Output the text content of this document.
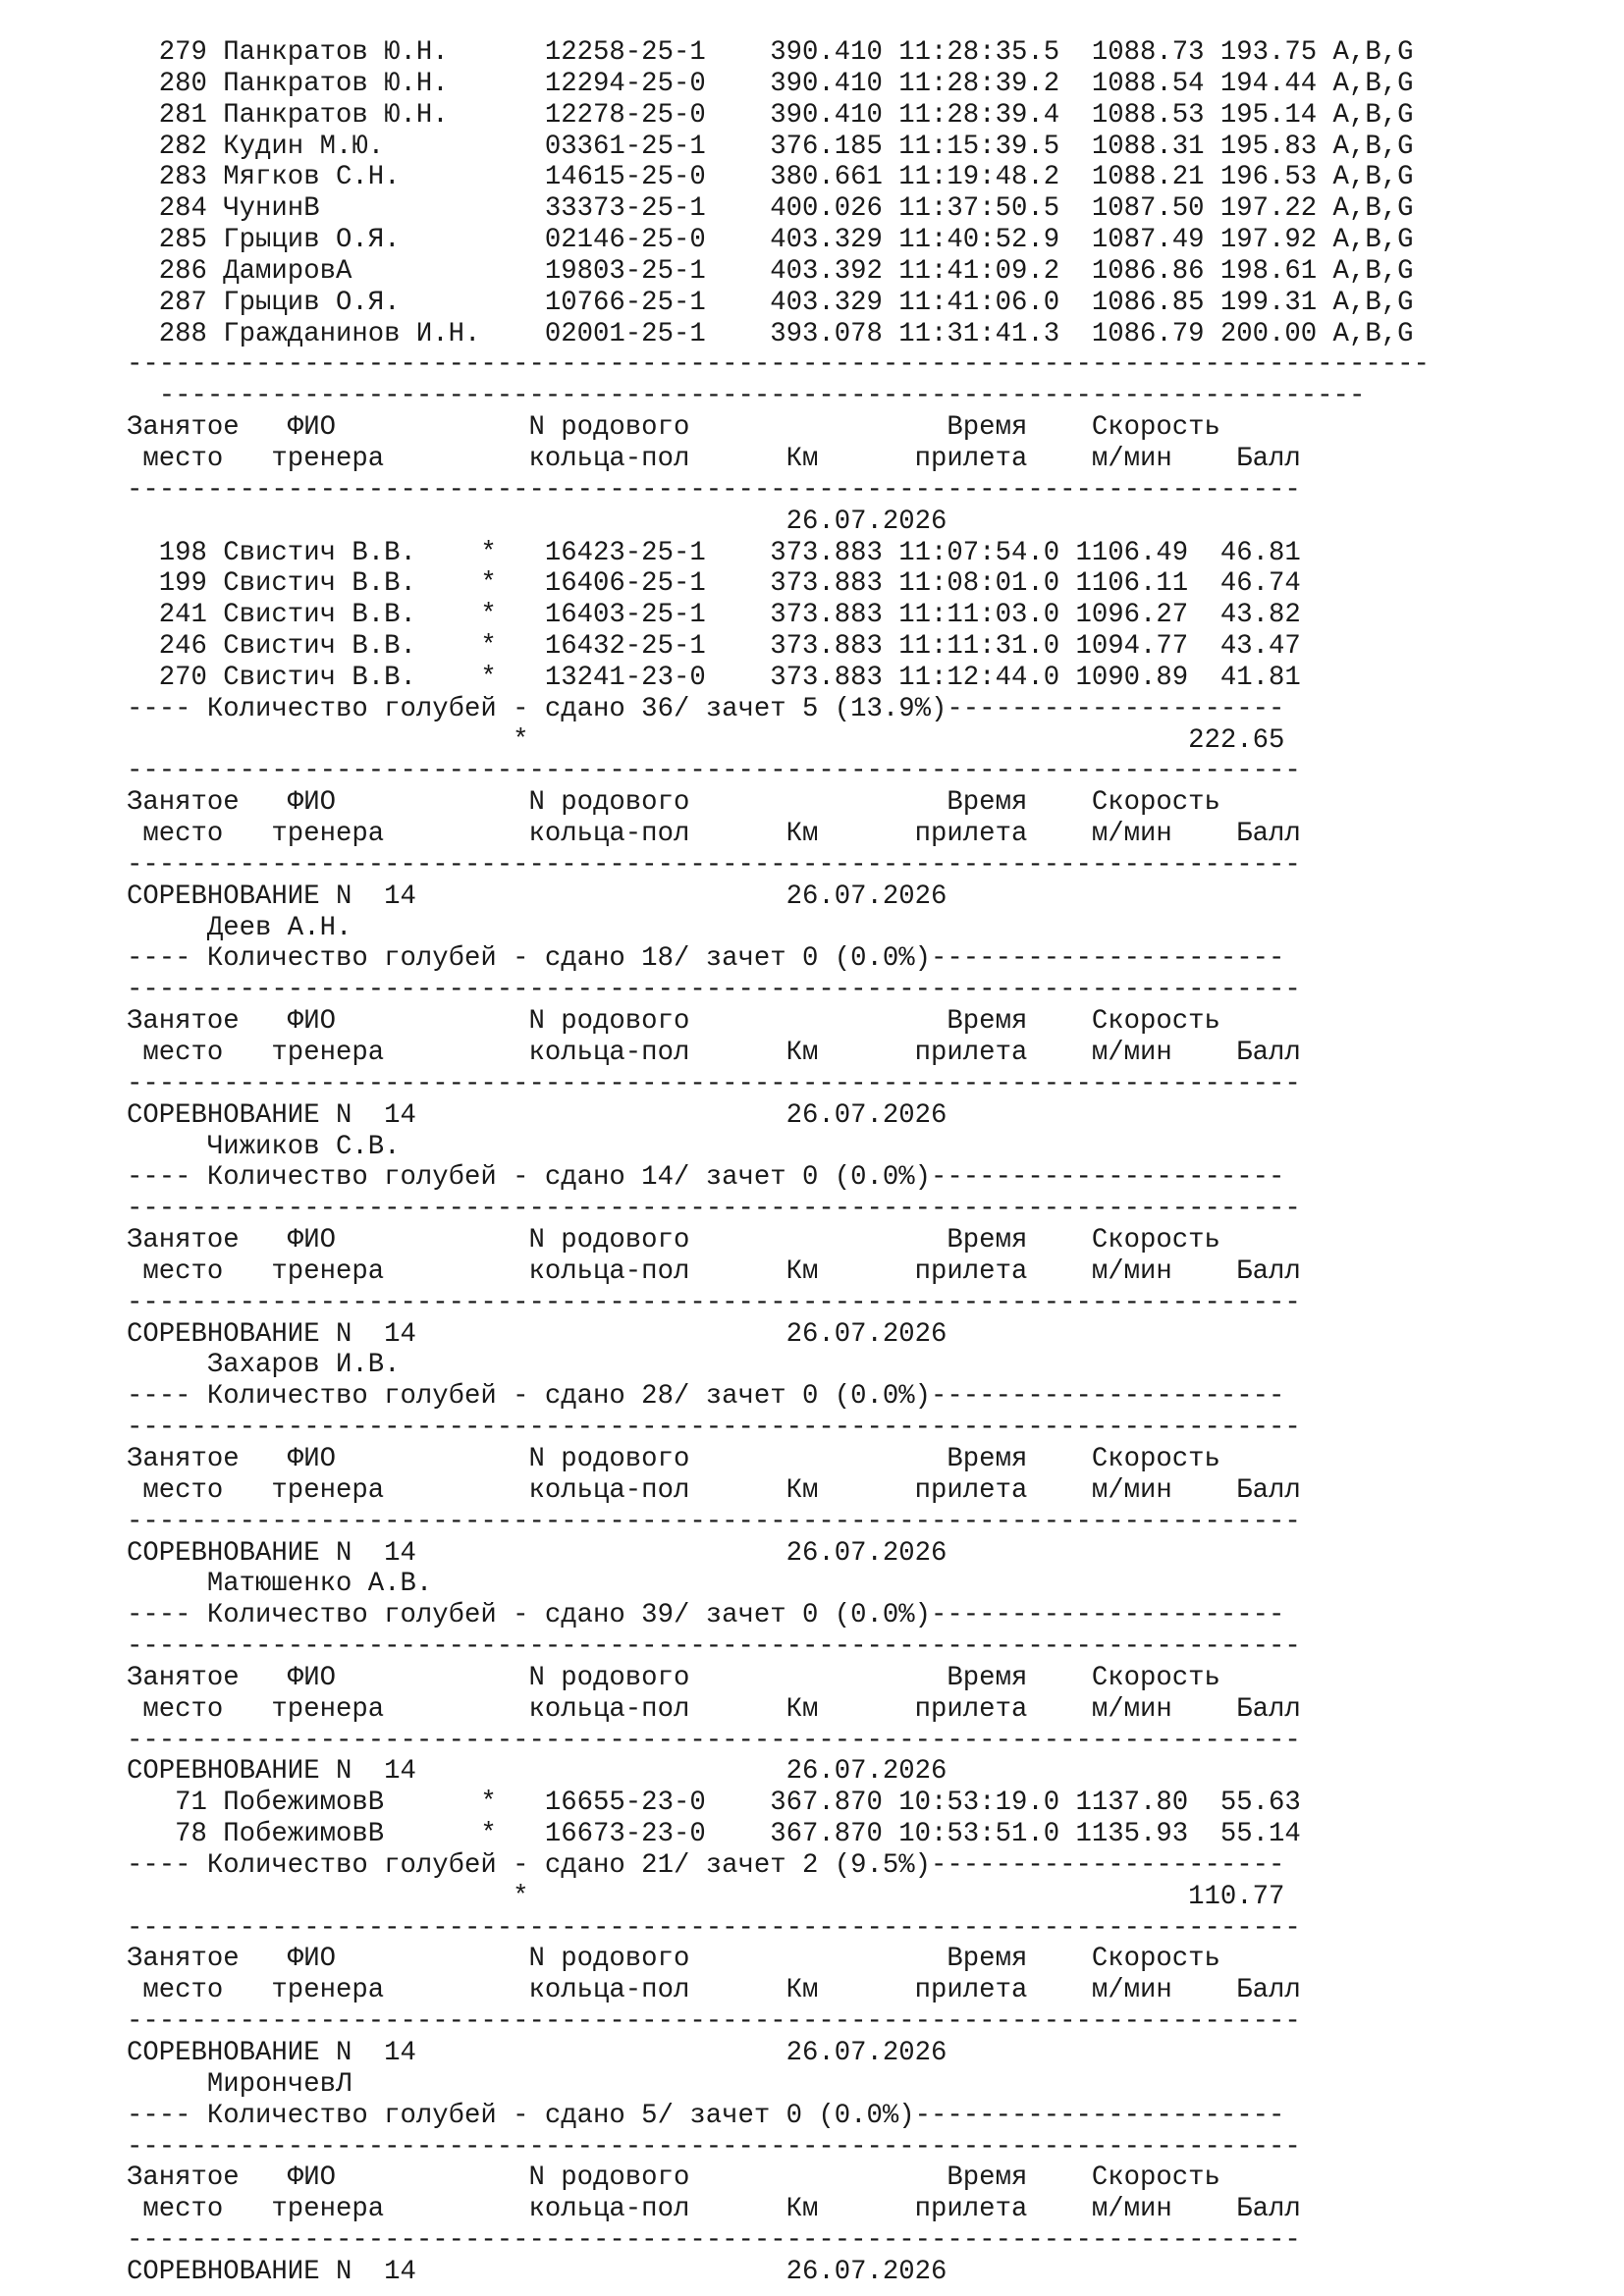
279 Панкратов Ю.Н.      12258-25-1    390.410 11:28:35.5  1088.73 193.75 A,B,G
280 Панкратов Ю.Н.      12294-25-0    390.410 11:28:39.2  1088.54 194.44 A,B,G
281 Панкратов Ю.Н.      12278-25-0    390.410 11:28:39.4  1088.53 195.14 A,B,G
282 Кудин М.Ю.          03361-25-1    376.185 11:15:39.5  1088.31 195.83 A,B,G
283 Мягков С.Н.         14615-25-0    380.661 11:19:48.2  1088.21 196.53 A,B,G
284 ЧунинВ              33373-25-1    400.026 11:37:50.5  1087.50 197.22 A,B,G
285 Грыцив О.Я.         02146-25-0    403.329 11:40:52.9  1087.49 197.92 A,B,G
286 ДамировА            19803-25-1    403.392 11:41:09.2  1086.86 198.61 A,B,G
287 Грыцив О.Я.         10766-25-1    403.329 11:41:06.0  1086.85 199.31 A,B,G
288 Гражданинов И.Н.    02001-25-1    393.078 11:31:41.3  1086.79 200.00 A,B,G
---------------------------------------------------------------------------------
---------------------------------------------------------------------------
Занятое   ФИО            N родового                Время    Скорость
место   тренера         кольца-пол      Км      прилета    м/мин    Балл
-------------------------------------------------------------------------
26.07.2026
198 Свистич В.В.    *   16423-25-1    373.883 11:07:54.0 1106.49  46.81
199 Свистич В.В.    *   16406-25-1    373.883 11:08:01.0 1106.11  46.74
241 Свистич В.В.    *   16403-25-1    373.883 11:11:03.0 1096.27  43.82
246 Свистич В.В.    *   16432-25-1    373.883 11:11:31.0 1094.77  43.47
270 Свистич В.В.    *   13241-23-0    373.883 11:12:44.0 1090.89  41.81
---- Количество голубей - сдано 36/ зачет 5 (13.9%)---------------------
*                                         222.65
-------------------------------------------------------------------------
Занятое   ФИО            N родового                Время    Скорость
место   тренера         кольца-пол      Км      прилета    м/мин    Балл
-------------------------------------------------------------------------
СОРЕВНОВАНИЕ N  14                       26.07.2026
Деев А.Н.
---- Количество голубей - сдано 18/ зачет 0 (0.0%)----------------------
-------------------------------------------------------------------------
Занятое   ФИО            N родового                Время    Скорость
место   тренера         кольца-пол      Км      прилета    м/мин    Балл
-------------------------------------------------------------------------
СОРЕВНОВАНИЕ N  14                       26.07.2026
Чижиков С.В.
---- Количество голубей - сдано 14/ зачет 0 (0.0%)----------------------
-------------------------------------------------------------------------
Занятое   ФИО            N родового                Время    Скорость
место   тренера         кольца-пол      Км      прилета    м/мин    Балл
-------------------------------------------------------------------------
СОРЕВНОВАНИЕ N  14                       26.07.2026
Захаров И.В.
---- Количество голубей - сдано 28/ зачет 0 (0.0%)----------------------
-------------------------------------------------------------------------
Занятое   ФИО            N родового                Время    Скорость
место   тренера         кольца-пол      Км      прилета    м/мин    Балл
-------------------------------------------------------------------------
СОРЕВНОВАНИЕ N  14                       26.07.2026
Матюшенко А.В.
---- Количество голубей - сдано 39/ зачет 0 (0.0%)----------------------
-------------------------------------------------------------------------
Занятое   ФИО            N родового                Время    Скорость
место   тренера         кольца-пол      Км      прилета    м/мин    Балл
-------------------------------------------------------------------------
СОРЕВНОВАНИЕ N  14                       26.07.2026
71 ПобежимовВ      *   16655-23-0    367.870 10:53:19.0 1137.80  55.63
78 ПобежимовВ      *   16673-23-0    367.870 10:53:51.0 1135.93  55.14
---- Количество голубей - сдано 21/ зачет 2 (9.5%)----------------------
*                                         110.77
-------------------------------------------------------------------------
Занятое   ФИО            N родового                Время    Скорость
место   тренера         кольца-пол      Км      прилета    м/мин    Балл
-------------------------------------------------------------------------
СОРЕВНОВАНИЕ N  14                       26.07.2026
МирончевЛ
---- Количество голубей - сдано 5/ зачет 0 (0.0%)-----------------------
-------------------------------------------------------------------------
Занятое   ФИО            N родового                Время    Скорость
место   тренера         кольца-пол      Км      прилета    м/мин    Балл
-------------------------------------------------------------------------
СОРЕВНОВАНИЕ N  14                       26.07.2026
